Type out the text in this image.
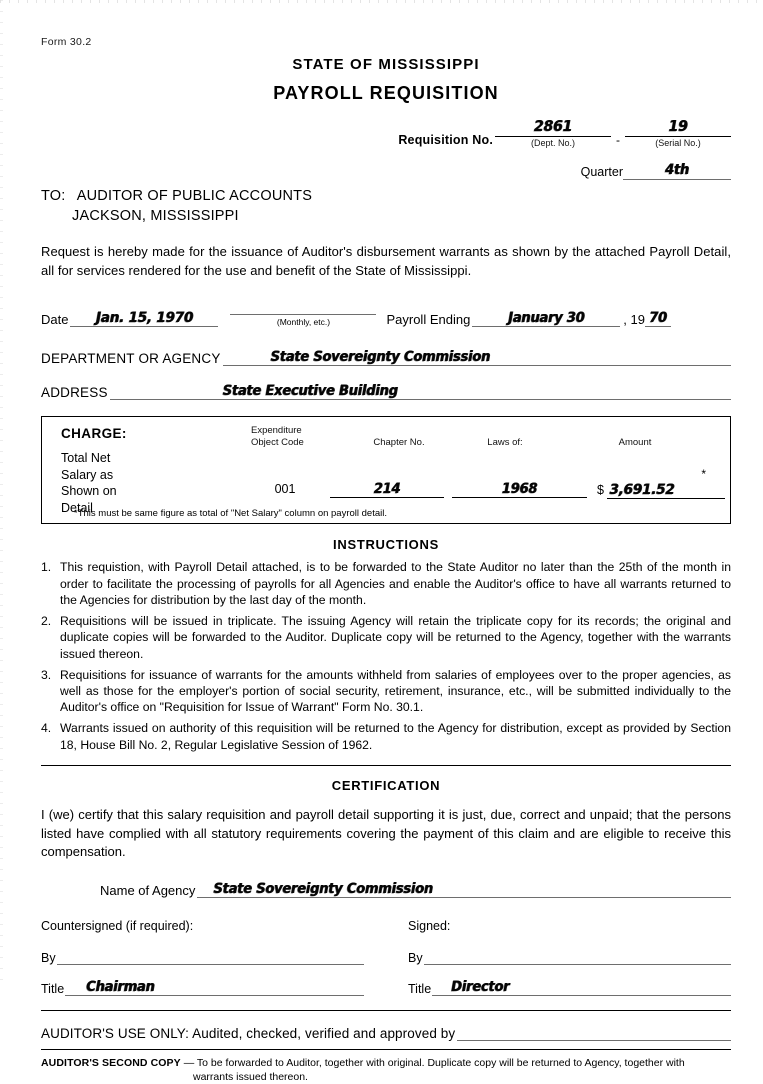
Form 30.2
STATE OF MISSISSIPPI
PAYROLL REQUISITION
Requisition No.
2861
(Dept. No.)	-
19
(Serial No.)
Quarter	4th
TO: AUDITOR OF PUBLIC ACCOUNTS
JACKSON, MISSISSIPPI
Request is hereby made for the issuance of Auditor's disbursement warrants as shown by the attached Payroll Detail, all for services rendered for the use and benefit of the State of Mississippi.
Date	Jan. 15, 1970
	(Monthly, etc.)	Payroll Ending	January 30	, 19 70
DEPARTMENT OR AGENCY	State Sovereignty Commission
ADDRESS	State Executive Building
CHARGE:	Expenditure
Object Code	Chapter No.	Laws of:	Amount
Total Net
Salary as
Shown on
Detail
*
001	214	1968	$ 3,691.52
*This must be same figure as total of "Net Salary" column on payroll detail.
INSTRUCTIONS
1. This requistion, with Payroll Detail attached, is to be forwarded to the State Auditor no later than the 25th of the month in order to facilitate the processing of payrolls for all Agencies and enable the Auditor's office to have all warrants returned to the Agencies for distribution by the last day of the month.
2. Requisitions will be issued in triplicate. The issuing Agency will retain the triplicate copy for its records; the original and duplicate copies will be forwarded to the Auditor. Duplicate copy will be returned to the Agency, together with the warrants issued thereon.
3. Requisitions for issuance of warrants for the amounts withheld from salaries of employees over to the proper agencies, as well as those for the employer's portion of social security, retirement, insurance, etc., will be submitted individually to the Auditor's office on "Requisition for Issue of Warrant" Form No. 30.1.
4. Warrants issued on authority of this requisition will be returned to the Agency for distribution, except as provided by Section 18, House Bill No. 2, Regular Legislative Session of 1962.
CERTIFICATION
I (we) certify that this salary requisition and payroll detail supporting it is just, due, correct and unpaid; that the persons listed have complied with all statutory requirements covering the payment of this claim and are eligible to receive this compensation.
Name of Agency	State Sovereignty Commission
Countersigned (if required):
By
Title	Chairman
Signed:
By
Title	Director
AUDITOR'S USE ONLY: Audited, checked, verified and approved by
AUDITOR'S SECOND COPY — To be forwarded to Auditor, together with original. Duplicate copy will be returned to Agency, together with
warrants issued thereon.
